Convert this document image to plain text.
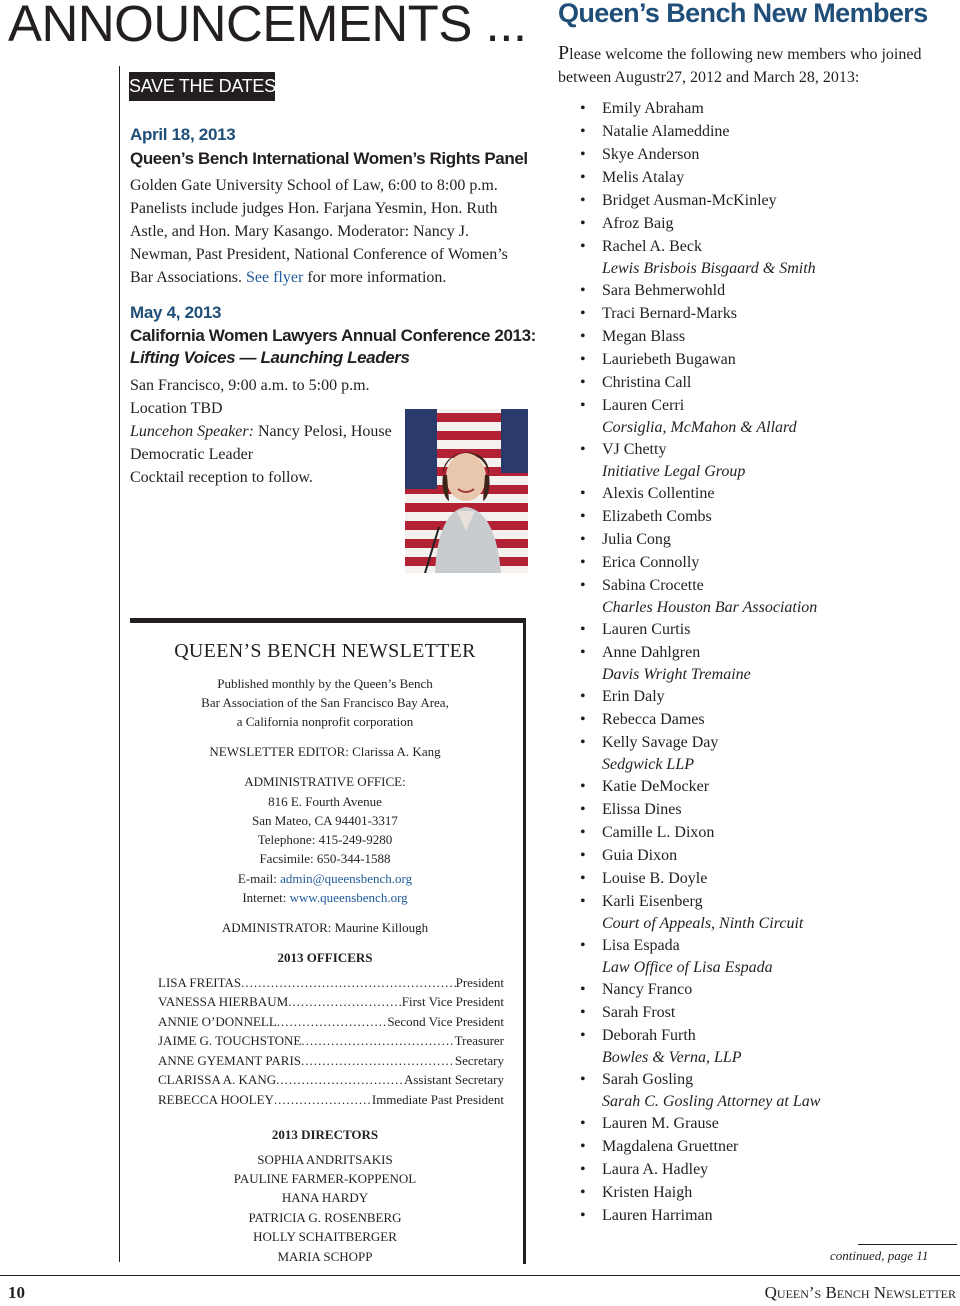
ANNOUNCEMENTS ...
SAVE THE DATES!
April 18, 2013
Queen’s Bench International Women’s Rights Panel
Golden Gate University School of Law, 6:00 to 8:00 p.m.
Panelists include judges Hon. Farjana Yesmin, Hon. Ruth
Astle, and Hon. Mary Kasango. Moderator: Nancy J.
Newman, Past President, National Conference of Women’s
Bar Associations. See flyer for more information.
May 4, 2013
California Women Lawyers Annual Conference 2013:
Lifting Voices — Launching Leaders
San Francisco, 9:00 a.m. to 5:00 p.m.
Location TBD
Luncehon Speaker: Nancy Pelosi, House
Democratic Leader
Cocktail reception to follow.
QUEEN’S BENCH NEWSLETTER
Published monthly by the Queen’s Bench
Bar Association of the San Francisco Bay Area,
a California nonprofit corporation
NEWSLETTER EDITOR: Clarissa A. Kang
ADMINISTRATIVE OFFICE:
816 E. Fourth Avenue
San Mateo, CA 94401-3317
Telephone: 415-249-9280
Facsimile: 650-344-1588
E-mail: admin@queensbench.org
Internet: www.queensbench.org
ADMINISTRATOR: Maurine Killough
2013 OFFICERS
LISA FREITAS .....	President
VANESSA HIERBAUM .....	First Vice President
ANNIE O’DONNELL .....	Second Vice President
JAIME G. TOUCHSTONE .....	Treasurer
ANNE GYEMANT PARIS .....	Secretary
CLARISSA A. KANG .....	Assistant Secretary
REBECCA HOOLEY .....	Immediate Past President
2013 DIRECTORS
SOPHIA ANDRITSAKIS
PAULINE FARMER-KOPPENOL
HANA HARDY
PATRICIA G. ROSENBERG
HOLLY SCHAITBERGER
MARIA SCHOPP
Queen’s Bench New Members
Please welcome the following new members who joined between Augustr27, 2012 and March 28, 2013:
• Emily Abraham
• Natalie Alameddine
• Skye Anderson
• Melis Atalay
• Bridget Ausman-McKinley
• Afroz Baig
• Rachel A. Beck
Lewis Brisbois Bisgaard & Smith
• Sara Behmerwohld
• Traci Bernard-Marks
• Megan Blass
• Lauriebeth Bugawan
• Christina Call
• Lauren Cerri
Corsiglia, McMahon & Allard
• VJ Chetty
Initiative Legal Group
• Alexis Collentine
• Elizabeth Combs
• Julia Cong
• Erica Connolly
• Sabina Crocette
Charles Houston Bar Association
• Lauren Curtis
• Anne Dahlgren
Davis Wright Tremaine
• Erin Daly
• Rebecca Dames
• Kelly Savage Day
Sedgwick LLP
• Katie DeMocker
• Elissa Dines
• Camille L. Dixon
• Guia Dixon
• Louise B. Doyle
• Karli Eisenberg
Court of Appeals, Ninth Circuit
• Lisa Espada
Law Office of Lisa Espada
• Nancy Franco
• Sarah Frost
• Deborah Furth
Bowles & Verna, LLP
• Sarah Gosling
Sarah C. Gosling Attorney at Law
• Lauren M. Grause
• Magdalena Gruettner
• Laura A. Hadley
• Kristen Haigh
• Lauren Harriman
continued, page 11
10	Queen’s Bench Newsletter
